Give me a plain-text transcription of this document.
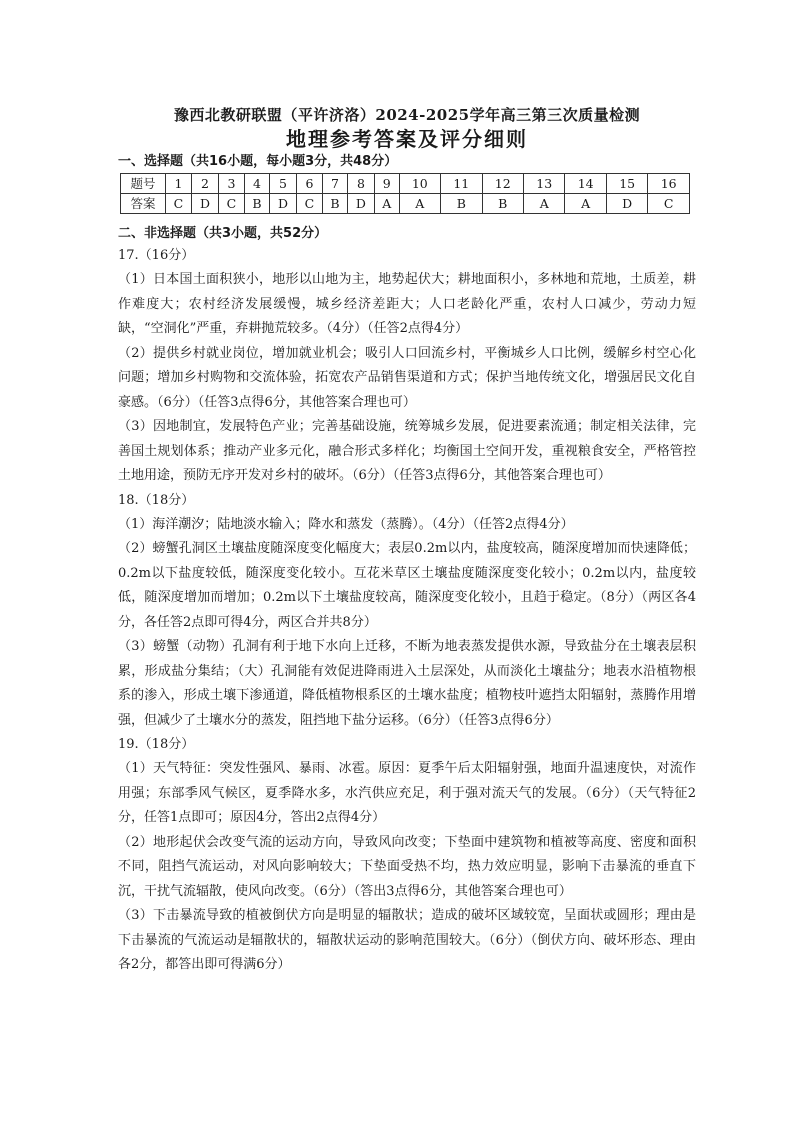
豫西北教研联盟（平许济洛）2024-2025学年高三第三次质量检测

地理参考答案及评分细则

一、选择题（共16小题，每小题3分，共48分）

题号	1	2	3	4	5	6	7	8	9	10	11	12	13	14	15	16
答案	C	D	C	B	D	C	B	D	A	A	B	B	A	A	D	C

二、非选择题（共3小题，共52分）

17.（16分）

（1）日本国土面积狭小，地形以山地为主，地势起伏大；耕地面积小，多林地和荒地，土质差，耕作难度大；农村经济发展缓慢，城乡经济差距大；人口老龄化严重，农村人口减少，劳动力短缺，“空洞化”严重，弃耕抛荒较多。（4分）（任答2点得4分）

（2）提供乡村就业岗位，增加就业机会；吸引人口回流乡村，平衡城乡人口比例，缓解乡村空心化问题；增加乡村购物和交流体验，拓宽农产品销售渠道和方式；保护当地传统文化，增强居民文化自豪感。（6分）（任答3点得6分，其他答案合理也可）

（3）因地制宜，发展特色产业；完善基础设施，统筹城乡发展，促进要素流通；制定相关法律，完善国土规划体系；推动产业多元化，融合形式多样化；均衡国土空间开发，重视粮食安全，严格管控土地用途，预防无序开发对乡村的破坏。（6分）（任答3点得6分，其他答案合理也可）

18.（18分）

（1）海洋潮汐；陆地淡水输入；降水和蒸发（蒸腾）。（4分）（任答2点得4分）

（2）螃蟹孔洞区土壤盐度随深度变化幅度大；表层0.2m以内，盐度较高，随深度增加而快速降低；0.2m以下盐度较低，随深度变化较小。互花米草区土壤盐度随深度变化较小；0.2m以内，盐度较低，随深度增加而增加；0.2m以下土壤盐度较高，随深度变化较小，且趋于稳定。（8分）（两区各4分，各任答2点即可得4分，两区合并共8分）

（3）螃蟹（动物）孔洞有利于地下水向上迁移，不断为地表蒸发提供水源，导致盐分在土壤表层积累，形成盐分集结；（大）孔洞能有效促进降雨进入土层深处，从而淡化土壤盐分；地表水沿植物根系的渗入，形成土壤下渗通道，降低植物根系区的土壤水盐度；植物枝叶遮挡太阳辐射，蒸腾作用增强，但减少了土壤水分的蒸发，阻挡地下盐分运移。（6分）（任答3点得6分）

19.（18分）

（1）天气特征：突发性强风、暴雨、冰雹。原因：夏季午后太阳辐射强，地面升温速度快，对流作用强；东部季风气候区，夏季降水多，水汽供应充足，利于强对流天气的发展。（6分）（天气特征2分，任答1点即可；原因4分，答出2点得4分）

（2）地形起伏会改变气流的运动方向，导致风向改变；下垫面中建筑物和植被等高度、密度和面积不同，阻挡气流运动，对风向影响较大；下垫面受热不均，热力效应明显，影响下击暴流的垂直下沉，干扰气流辐散，使风向改变。（6分）（答出3点得6分，其他答案合理也可）

（3）下击暴流导致的植被倒伏方向是明显的辐散状；造成的破坏区域较宽，呈面状或圆形；理由是下击暴流的气流运动是辐散状的，辐散状运动的影响范围较大。（6分）（倒伏方向、破坏形态、理由各2分，都答出即可得满6分）
